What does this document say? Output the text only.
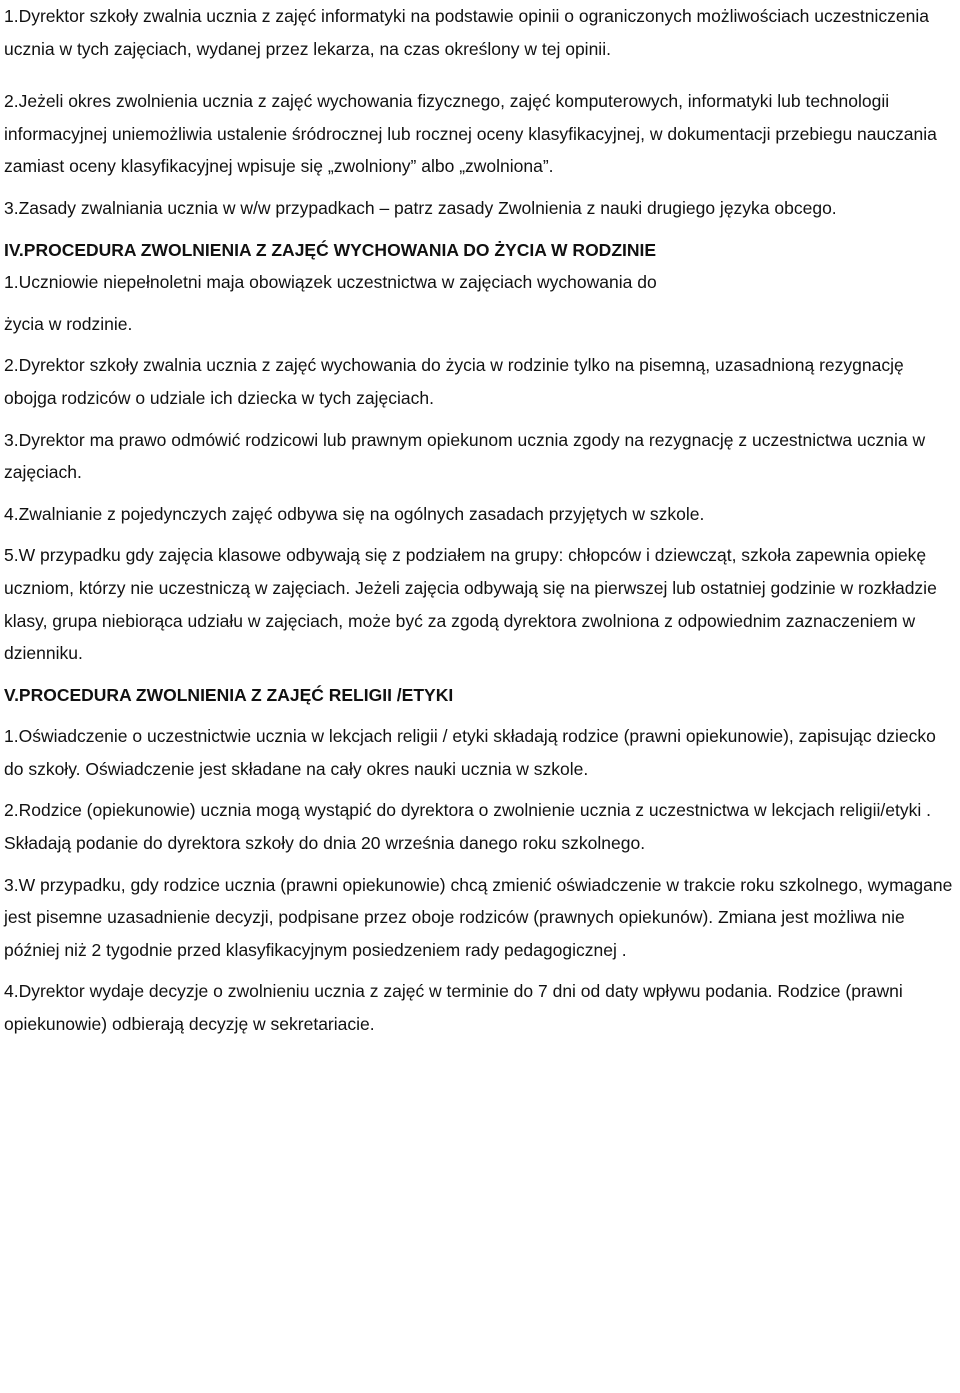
1.Dyrektor szkoły zwalnia ucznia z zajęć informatyki na podstawie opinii o ograniczonych możliwościach uczestniczenia ucznia w tych zajęciach, wydanej przez lekarza, na czas określony w tej opinii.

2.Jeżeli okres zwolnienia ucznia z zajęć wychowania fizycznego, zajęć komputerowych, informatyki lub technologii informacyjnej uniemożliwia ustalenie śródrocznej lub rocznej oceny klasyfikacyjnej, w dokumentacji przebiegu nauczania zamiast oceny klasyfikacyjnej wpisuje się „zwolniony” albo „zwolniona”.

3.Zasady zwalniania ucznia w w/w przypadkach – patrz zasady Zwolnienia z nauki drugiego języka obcego.

IV.PROCEDURA ZWOLNIENIA Z ZAJĘĆ WYCHOWANIA DO ŻYCIA W RODZINIE

1.Uczniowie niepełnoletni maja obowiązek uczestnictwa w zajęciach wychowania do

życia w rodzinie.

2.Dyrektor szkoły zwalnia ucznia z zajęć wychowania do życia w rodzinie tylko na pisemną, uzasadnioną rezygnację obojga rodziców o udziale ich dziecka w tych zajęciach.

3.Dyrektor ma prawo odmówić rodzicowi lub prawnym opiekunom ucznia zgody na rezygnację z uczestnictwa ucznia w zajęciach.

4.Zwalnianie z pojedynczych zajęć odbywa się na ogólnych zasadach przyjętych w szkole.

5.W przypadku gdy zajęcia klasowe odbywają się z podziałem na grupy: chłopców i dziewcząt, szkoła zapewnia opiekę uczniom, którzy nie uczestniczą w zajęciach. Jeżeli zajęcia odbywają się na pierwszej lub ostatniej godzinie w rozkładzie klasy, grupa niebiorąca udziału w zajęciach, może być za zgodą dyrektora zwolniona z odpowiednim zaznaczeniem w dzienniku.

V.PROCEDURA ZWOLNIENIA Z ZAJĘĆ RELIGII /ETYKI

1.Oświadczenie o uczestnictwie ucznia w lekcjach religii / etyki składają rodzice (prawni opiekunowie), zapisując dziecko do szkoły. Oświadczenie jest składane na cały okres nauki ucznia w szkole.

2.Rodzice (opiekunowie) ucznia mogą wystąpić do dyrektora o zwolnienie ucznia z uczestnictwa w lekcjach religii/etyki . Składają podanie do dyrektora szkoły do dnia 20 września danego roku szkolnego.

3.W przypadku, gdy rodzice ucznia (prawni opiekunowie) chcą zmienić oświadczenie w trakcie roku szkolnego, wymagane jest pisemne uzasadnienie decyzji, podpisane przez oboje rodziców (prawnych opiekunów). Zmiana jest możliwa nie później niż 2 tygodnie przed klasyfikacyjnym posiedzeniem rady pedagogicznej .

4.Dyrektor wydaje decyzje o zwolnieniu ucznia z zajęć w terminie do 7 dni od daty wpływu podania. Rodzice (prawni opiekunowie) odbierają decyzję w sekretariacie.
